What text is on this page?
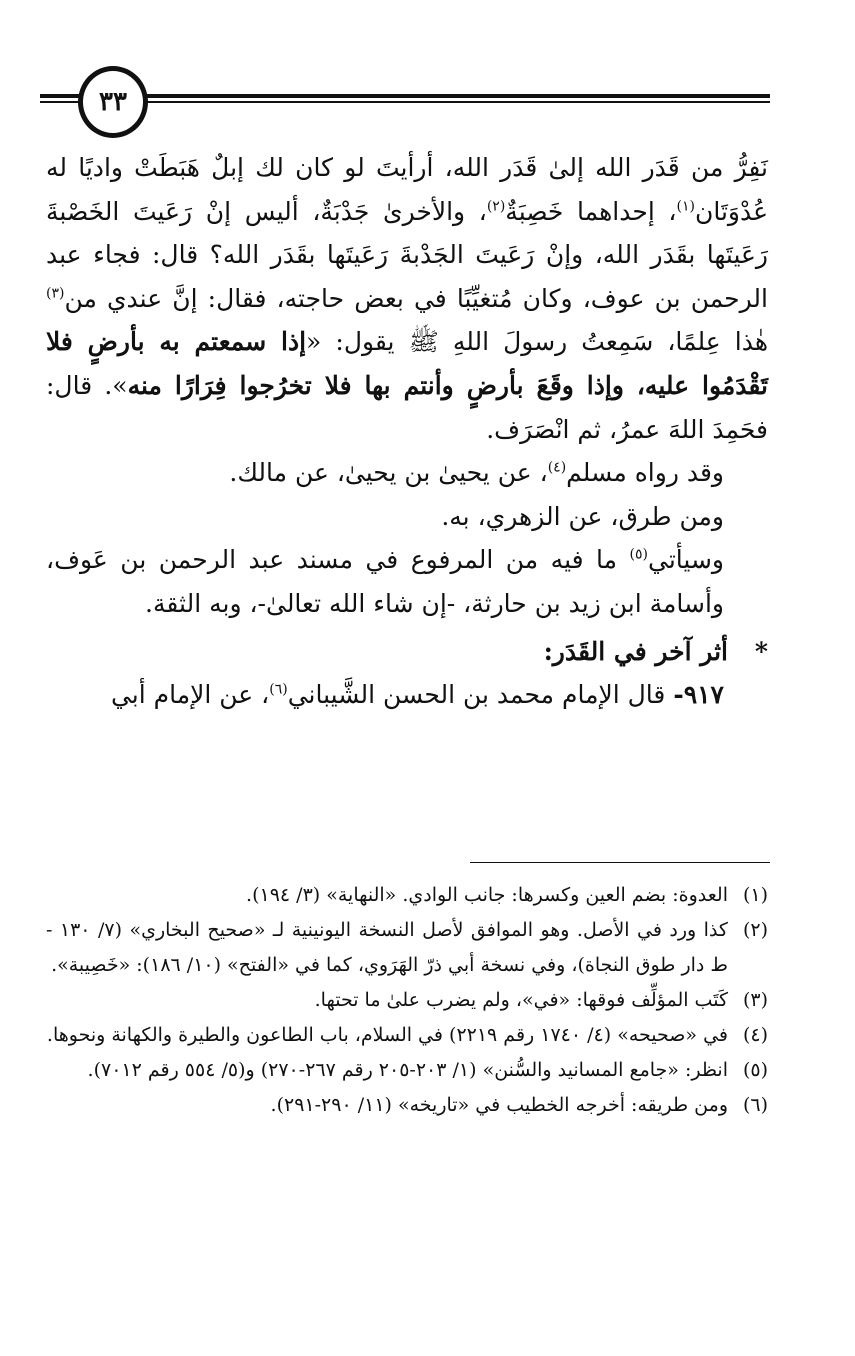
٣٣

نَفِرُّ من قَدَر الله إلىٰ قَدَر الله، أرأيتَ لو كان لك إبلٌ هَبَطَتْ واديًا له عُدْوَتَان$^{(١)}$، إحداهما خَصِبَةٌ$^{(٢)}$، والأخرىٰ جَدْبَةٌ، أليس إنْ رَعَيتَ الخَصْبةَ رَعَيتَها بقَدَر الله، وإنْ رَعَيتَ الجَدْبةَ رَعَيتَها بقَدَر الله؟ قال: فجاء عبد الرحمن بن عوف، وكان مُتغيِّبًا في بعض حاجته، فقال: إنَّ عندي من$^{(٣)}$ هٰذا عِلمًا، سَمِعتُ رسولَ اللهِ ﷺ يقول: «إذا سمعتم به بأرضٍ فلا تَقْدَمُوا عليه، وإذا وقَعَ بأرضٍ وأنتم بها فلا تخرُجوا فِرَارًا منه». قال: فحَمِدَ اللهَ عمرُ، ثم انْصَرَف.

وقد رواه مسلم$^{(٤)}$، عن يحيىٰ بن يحيىٰ، عن مالك.

ومن طرق، عن الزهري، به.

وسيأتي$^{(٥)}$ ما فيه من المرفوع في مسند عبد الرحمن بن عَوف، وأسامة ابن زيد بن حارثة، -إن شاء الله تعالىٰ-، وبه الثقة.

*أثر آخر في القَدَر:

٩١٧- قال الإمام محمد بن الحسن الشَّيباني$^{(٦)}$، عن الإمام أبي

(١)
العدوة: بضم العين وكسرها: جانب الوادي. «النهاية» (٣/ ١٩٤).
(٢)
كذا ورد في الأصل. وهو الموافق لأصل النسخة اليونينية لـ «صحيح البخاري» (٧/ ١٣٠ - ط دار طوق النجاة)، وفي نسخة أبي ذرّ الهَرَوي، كما في «الفتح» (١٠/ ١٨٦): «خَصِيبة».
(٣)
كَتَب المؤلِّف فوقها: «في»، ولم يضرب علىٰ ما تحتها.
(٤)
في «صحيحه» (٤/ ١٧٤٠ رقم ٢٢١٩) في السلام، باب الطاعون والطيرة والكهانة ونحوها.
(٥)
انظر: «جامع المسانيد والسُّنن» (١/ ٢٠٣-٢٠٥ رقم ٢٦٧-٢٧٠) و(٥/ ٥٥٤ رقم ٧٠١٢).
(٦)
ومن طريقه: أخرجه الخطيب في «تاريخه» (١١/ ٢٩٠-٢٩١).
